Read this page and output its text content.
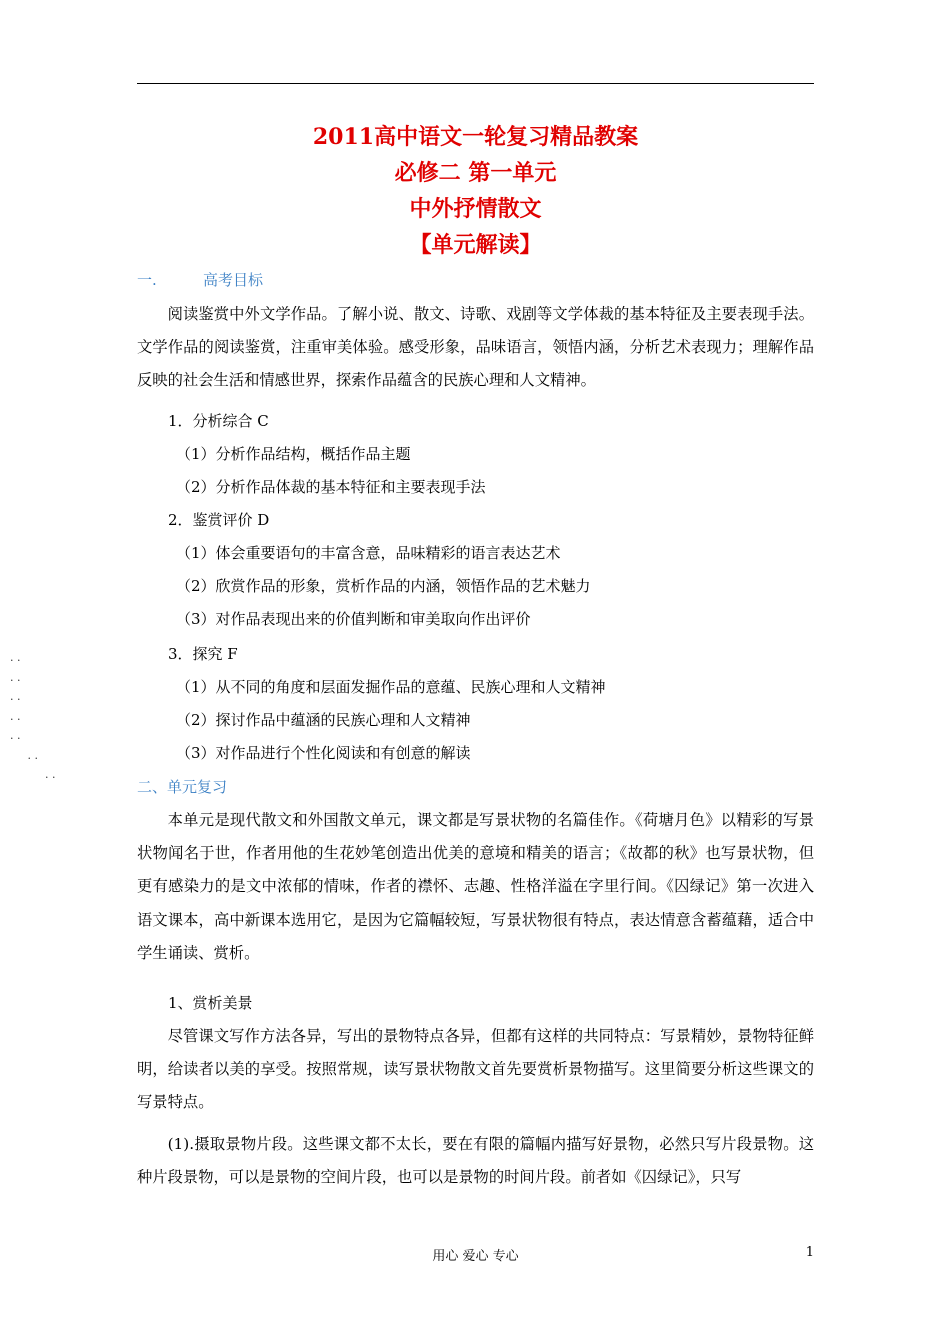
2011高中语文一轮复习精品教案
必修二 第一单元
中外抒情散文
【单元解读】
一.	高考目标

阅读鉴赏中外文学作品。了解小说、散文、诗歌、戏剧等文学体裁的基本特征及主要表现手法。文学作品的阅读鉴赏，注重审美体验。感受形象，品味语言，领悟内涵，分析艺术表现力；理解作品反映的社会生活和情感世界，探索作品蕴含的民族心理和人文精神。

1．分析综合 C
（1）分析作品结构，概括作品主题
（2）分析作品体裁的基本特征和主要表现手法
2．鉴赏评价 D
（1）体会重要语句的丰富含意，品味精彩的语言表达艺术
（2）欣赏作品的形象，赏析作品的内涵，领悟作品的艺术魅力
（3）对作品表现出来的价值判断和审美取向作出评价
3．探究 F
（1）从不同的角度和层面发掘作品的意蕴、民族心理和人文精神
（2）探讨作品中蕴涵的民族心理和人文精神
（3）对作品进行个性化阅读和有创意的解读
. .
. .
. .
. .
. .
. .
. .
二、单元复习

本单元是现代散文和外国散文单元，课文都是写景状物的名篇佳作。《荷塘月色》以精彩的写景状物闻名于世，作者用他的生花妙笔创造出优美的意境和精美的语言；《故都的秋》也写景状物，但更有感染力的是文中浓郁的情味，作者的襟怀、志趣、性格洋溢在字里行间。《囚绿记》第一次进入语文课本，高中新课本选用它，是因为它篇幅较短，写景状物很有特点，表达情意含蓄蕴藉，适合中学生诵读、赏析。

1、赏析美景

尽管课文写作方法各异，写出的景物特点各异，但都有这样的共同特点：写景精妙，景物特征鲜明，给读者以美的享受。按照常规，读写景状物散文首先要赏析景物描写。这里简要分析这些课文的写景特点。

(1).摄取景物片段。这些课文都不太长，要在有限的篇幅内描写好景物，必然只写片段景物。这种片段景物，可以是景物的空间片段，也可以是景物的时间片段。前者如《囚绿记》，只写

用心 爱心 专心	1
